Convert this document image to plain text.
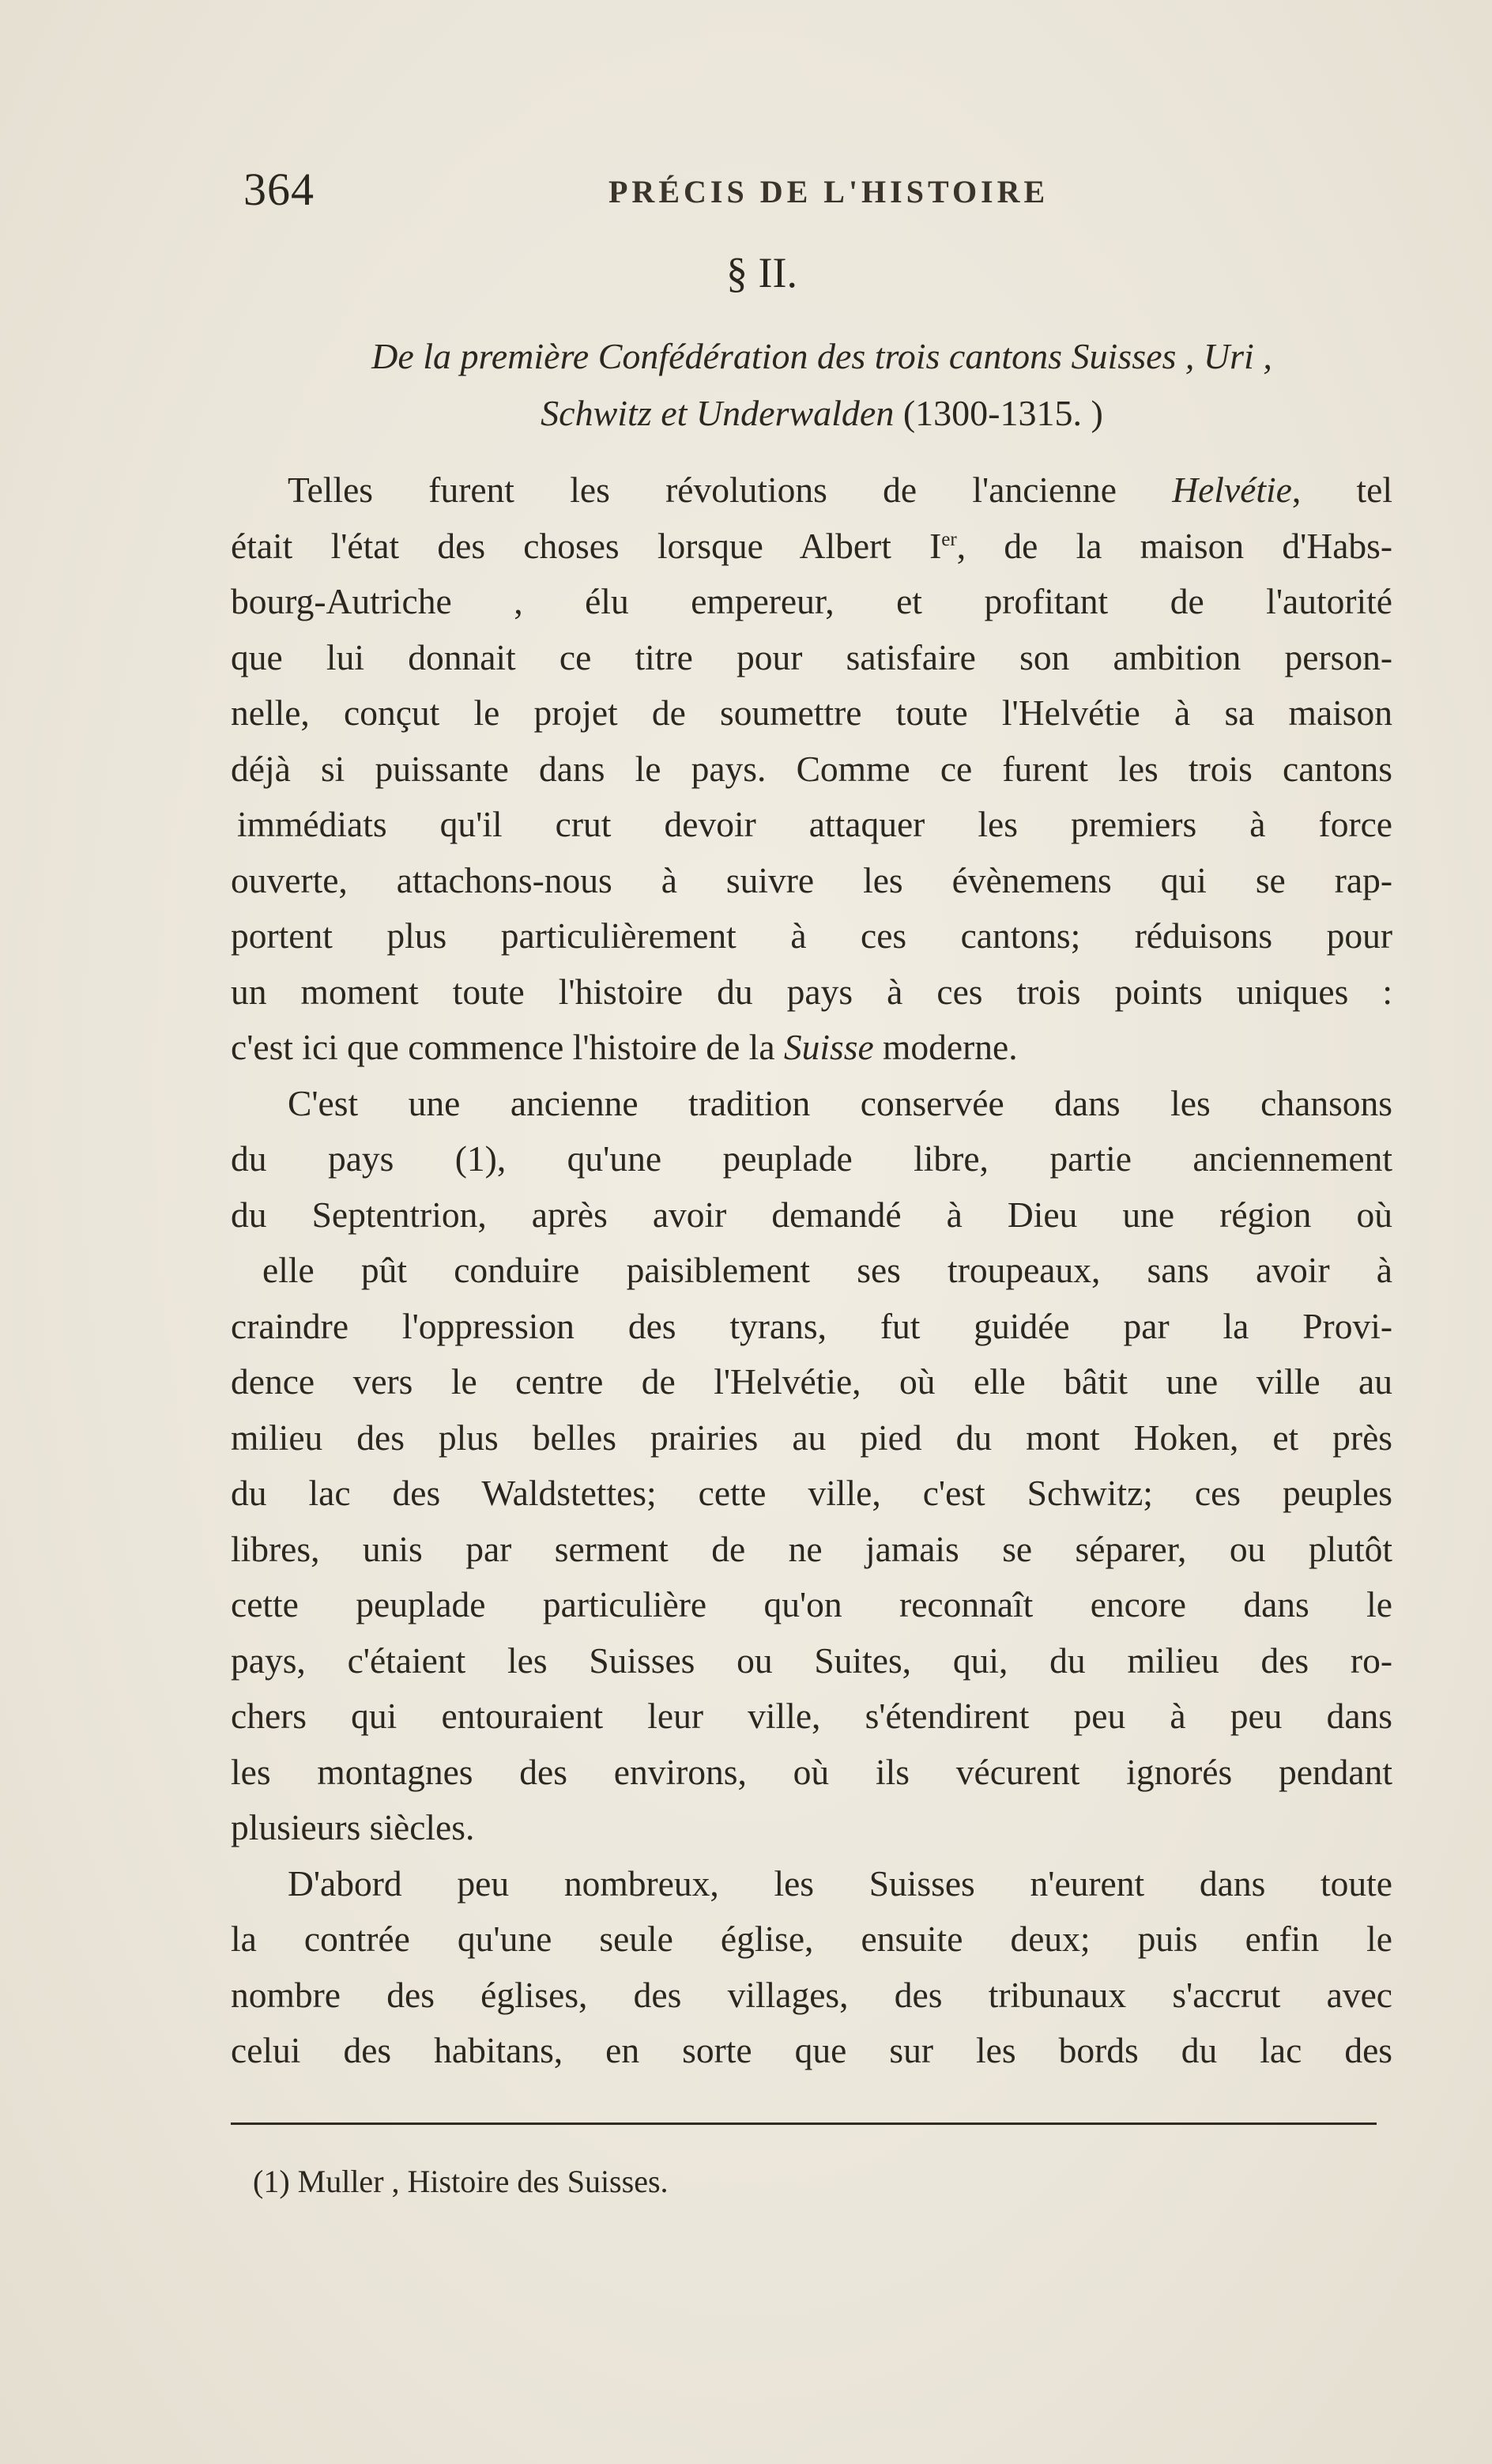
364	PRÉCIS DE L'HISTOIRE
§ II.
De la première Confédération des trois cantons Suisses , Uri ,
Schwitz et Underwalden (1300-1315. )

Telles furent les révolutions de l'ancienne Helvétie, tel
était l'état des choses lorsque Albert Ier, de la maison d'Habs-
bourg-Autriche , élu empereur, et profitant de l'autorité
que lui donnait ce titre pour satisfaire son ambition person-
nelle, conçut le projet de soumettre toute l'Helvétie à sa maison
déjà si puissante dans le pays. Comme ce furent les trois cantons
immédiats qu'il crut devoir attaquer les premiers à force
ouverte, attachons-nous à suivre les évènemens qui se rap-
portent plus particulièrement à ces cantons; réduisons pour
un moment toute l'histoire du pays à ces trois points uniques :
c'est ici que commence l'histoire de la Suisse moderne.

C'est une ancienne tradition conservée dans les chansons
du pays (1), qu'une peuplade libre, partie anciennement
du Septentrion, après avoir demandé à Dieu une région où
elle pût conduire paisiblement ses troupeaux, sans avoir à
craindre l'oppression des tyrans, fut guidée par la Provi-
dence vers le centre de l'Helvétie, où elle bâtit une ville au
milieu des plus belles prairies au pied du mont Hoken, et près
du lac des Waldstettes; cette ville, c'est Schwitz; ces peuples
libres, unis par serment de ne jamais se séparer, ou plutôt
cette peuplade particulière qu'on reconnaît encore dans le
pays, c'étaient les Suisses ou Suites, qui, du milieu des ro-
chers qui entouraient leur ville, s'étendirent peu à peu dans
les montagnes des environs, où ils vécurent ignorés pendant
plusieurs siècles.

D'abord peu nombreux, les Suisses n'eurent dans toute
la contrée qu'une seule église, ensuite deux; puis enfin le
nombre des églises, des villages, des tribunaux s'accrut avec
celui des habitans, en sorte que sur les bords du lac des

(1) Muller , Histoire des Suisses.
